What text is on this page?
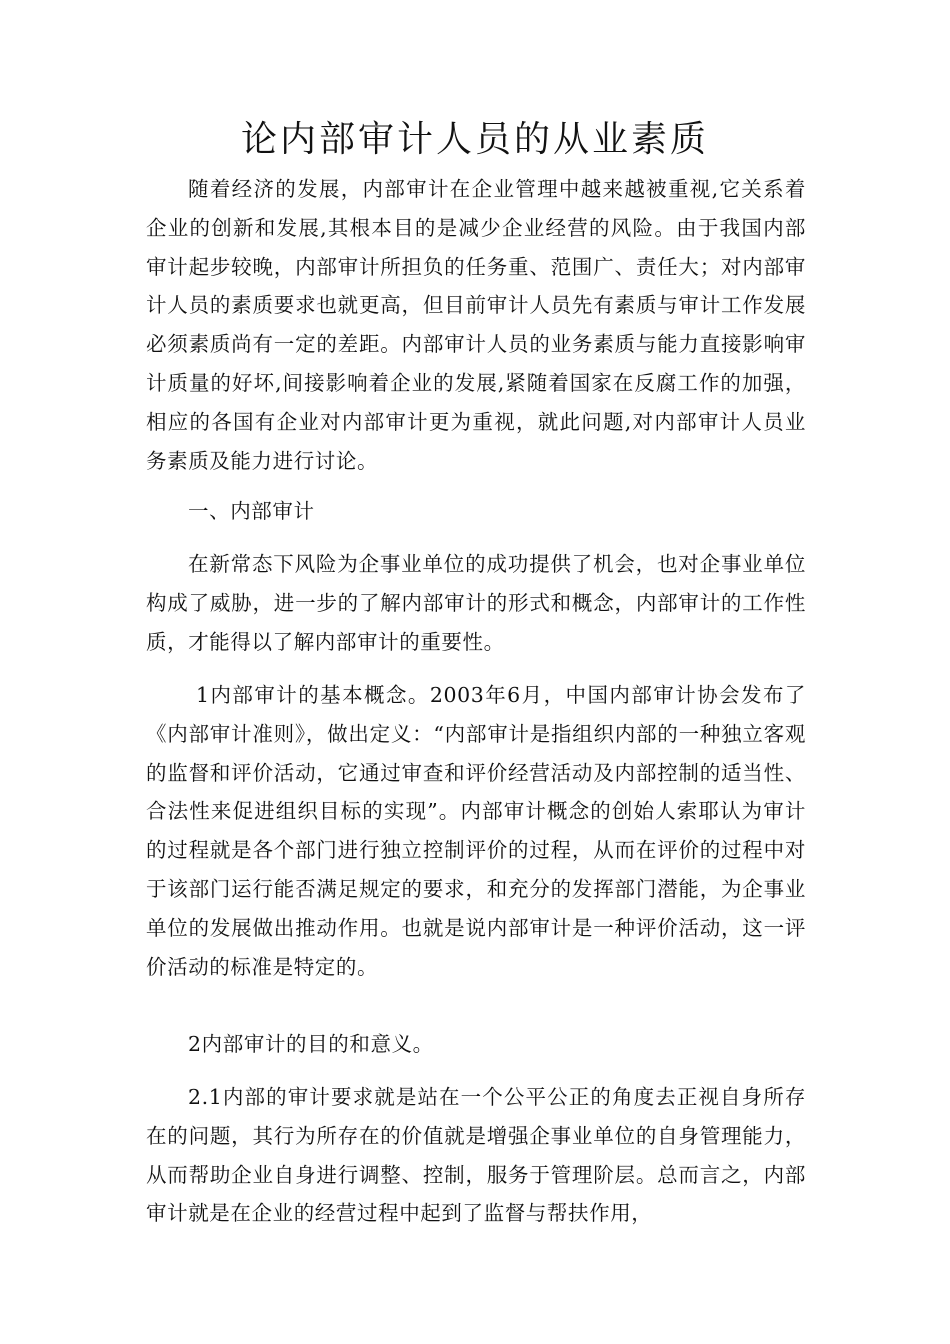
论内部审计人员的从业素质

随着经济的发展，内部审计在企业管理中越来越被重视,它关系着企业的创新和发展,其根本目的是减少企业经营的风险。由于我国内部审计起步较晚，内部审计所担负的任务重、范围广、责任大；对内部审计人员的素质要求也就更高，但目前审计人员先有素质与审计工作发展必须素质尚有一定的差距。内部审计人员的业务素质与能力直接影响审计质量的好坏,间接影响着企业的发展,紧随着国家在反腐工作的加强，相应的各国有企业对内部审计更为重视，就此问题,对内部审计人员业务素质及能力进行讨论。

一、内部审计

在新常态下风险为企事业单位的成功提供了机会，也对企事业单位构成了威胁，进一步的了解内部审计的形式和概念，内部审计的工作性质，才能得以了解内部审计的重要性。

1内部审计的基本概念。2003年6月，中国内部审计协会发布了《内部审计准则》，做出定义：“内部审计是指组织内部的一种独立客观的监督和评价活动，它通过审查和评价经营活动及内部控制的适当性、合法性来促进组织目标的实现”。内部审计概念的创始人索耶认为审计的过程就是各个部门进行独立控制评价的过程，从而在评价的过程中对于该部门运行能否满足规定的要求，和充分的发挥部门潜能，为企事业单位的发展做出推动作用。也就是说内部审计是一种评价活动，这一评价活动的标准是特定的。

2内部审计的目的和意义。

2.1内部的审计要求就是站在一个公平公正的角度去正视自身所存在的问题，其行为所存在的价值就是增强企事业单位的自身管理能力，从而帮助企业自身进行调整、控制，服务于管理阶层。总而言之，内部审计就是在企业的经营过程中起到了监督与帮扶作用，
